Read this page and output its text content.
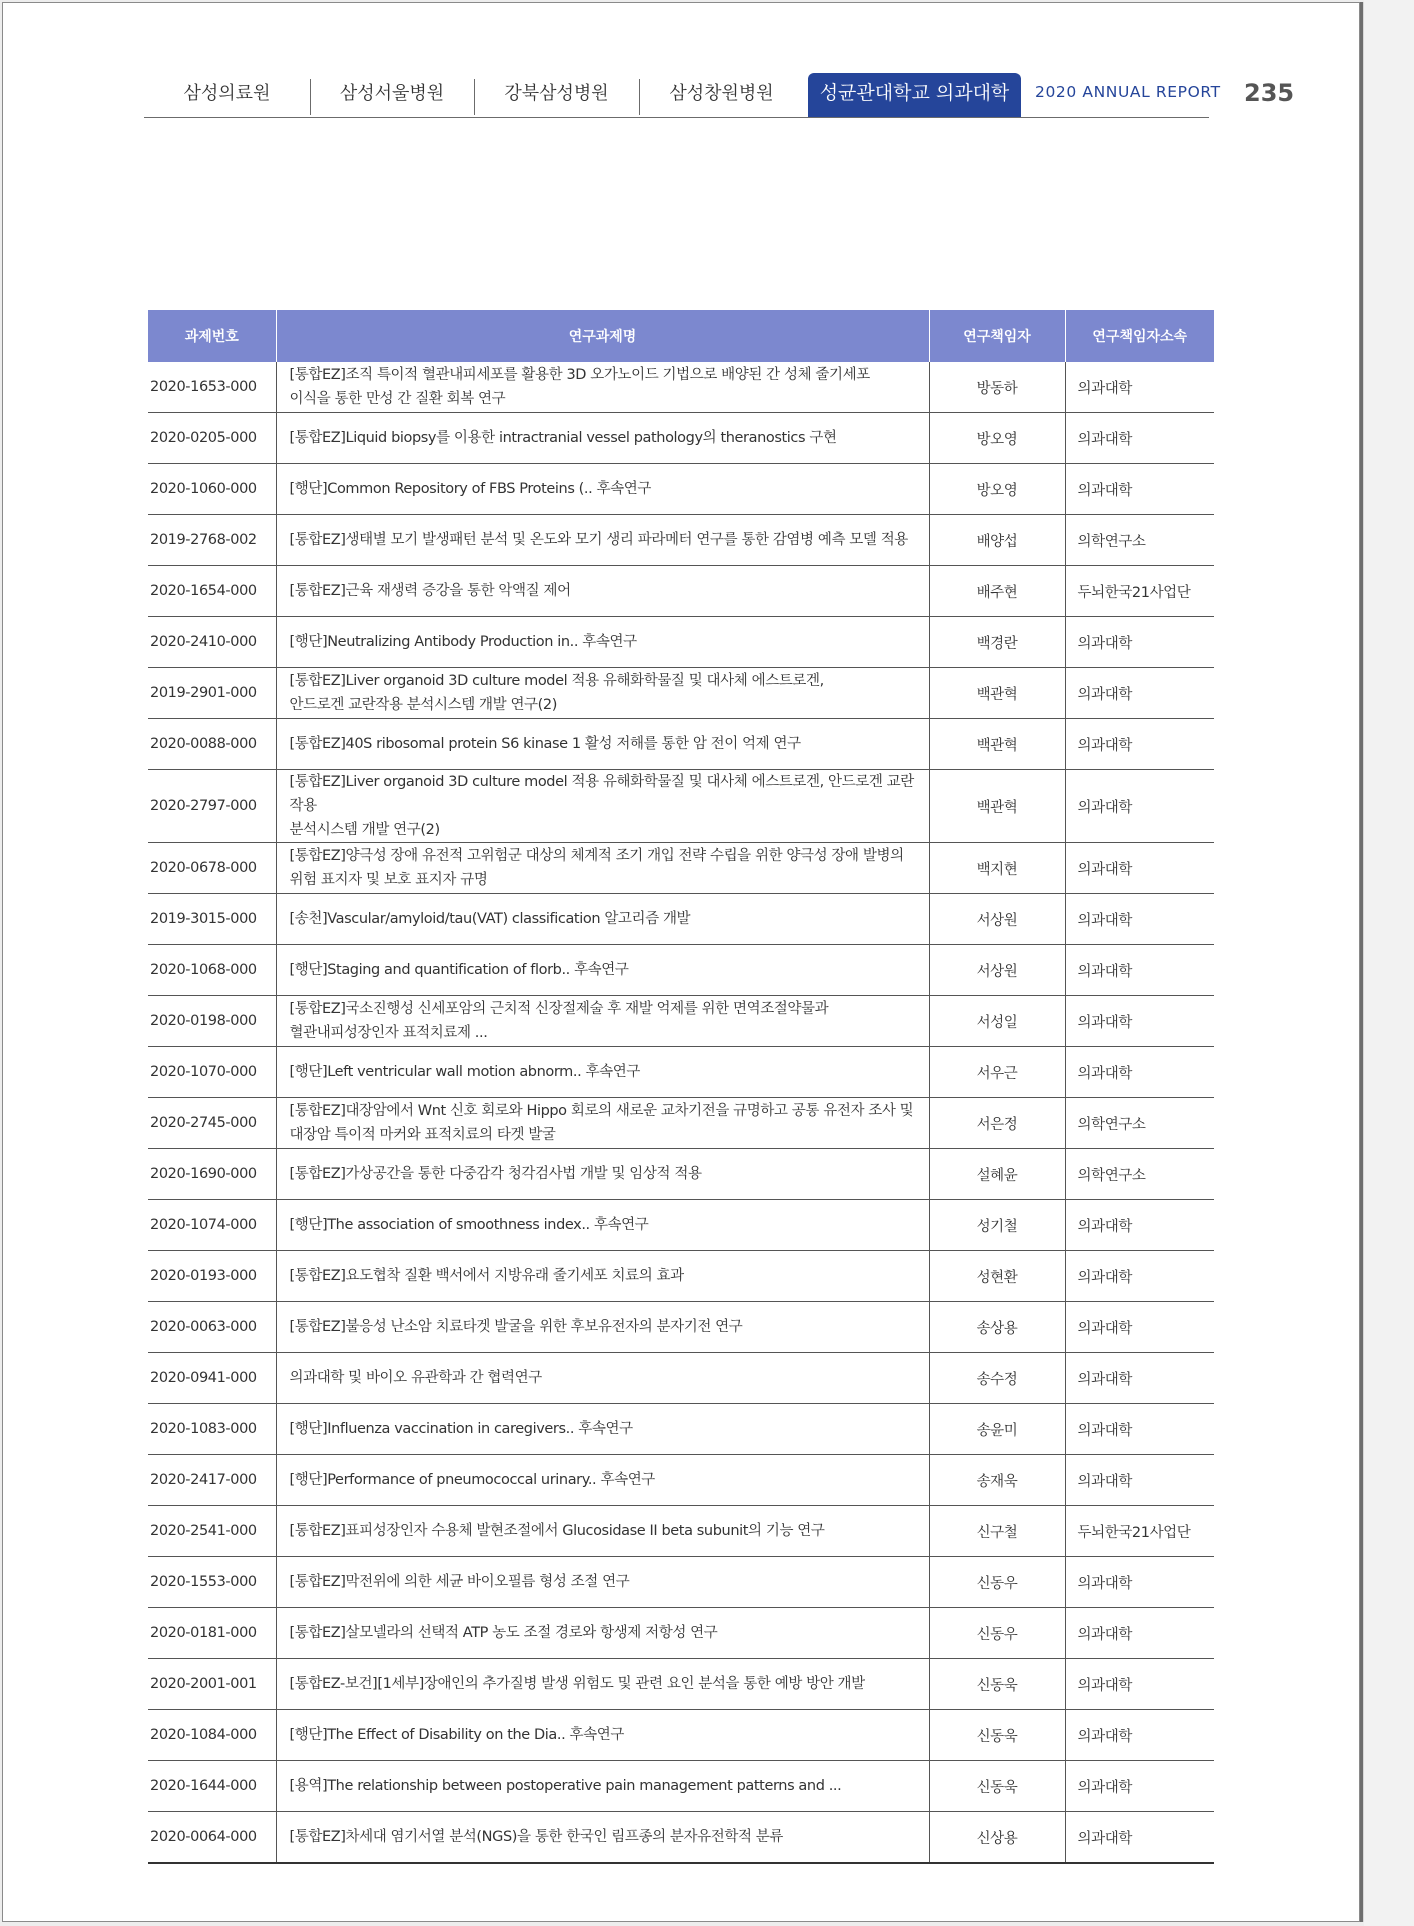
삼성의료원	삼성서울병원	강북삼성병원	삼성창원병원	성균관대학교 의과대학	2020 ANNUAL REPORT 235
과제번호	연구과제명	연구책임자	연구책임자소속
2020-1653-000	[통합EZ]조직 특이적 혈관내피세포를 활용한 3D 오가노이드 기법으로 배양된 간 성체 줄기세포
이식을 통한 만성 간 질환 회복 연구	방동하	의과대학
2020-0205-000	[통합EZ]Liquid biopsy를 이용한 intractranial vessel pathology의 theranostics 구현	방오영	의과대학
2020-1060-000	[행단]Common Repository of FBS Proteins (.. 후속연구	방오영	의과대학
2019-2768-002	[통합EZ]생태별 모기 발생패턴 분석 및 온도와 모기 생리 파라메터 연구를 통한 감염병 예측 모델 적용	배양섭	의학연구소
2020-1654-000	[통합EZ]근육 재생력 증강을 통한 악액질 제어	배주현	두뇌한국21사업단
2020-2410-000	[행단]Neutralizing Antibody Production in.. 후속연구	백경란	의과대학
2019-2901-000	[통합EZ]Liver organoid 3D culture model 적용 유해화학물질 및 대사체 에스트로겐,
안드로겐 교란작용 분석시스템 개발 연구(2)	백관혁	의과대학
2020-0088-000	[통합EZ]40S ribosomal protein S6 kinase 1 활성 저해를 통한 암 전이 억제 연구	백관혁	의과대학
2020-2797-000	[통합EZ]Liver organoid 3D culture model 적용 유해화학물질 및 대사체 에스트로겐, 안드로겐 교란작용
분석시스템 개발 연구(2)	백관혁	의과대학
2020-0678-000	[통합EZ]양극성 장애 유전적 고위험군 대상의 체계적 조기 개입 전략 수립을 위한 양극성 장애 발병의
위험 표지자 및 보호 표지자 규명	백지현	의과대학
2019-3015-000	[송천]Vascular/amyloid/tau(VAT) classification 알고리즘 개발	서상원	의과대학
2020-1068-000	[행단]Staging and quantification of florb.. 후속연구	서상원	의과대학
2020-0198-000	[통합EZ]국소진행성 신세포암의 근치적 신장절제술 후 재발 억제를 위한 면역조절약물과
혈관내피성장인자 표적치료제 ...	서성일	의과대학
2020-1070-000	[행단]Left ventricular wall motion abnorm.. 후속연구	서우근	의과대학
2020-2745-000	[통합EZ]대장암에서 Wnt 신호 회로와 Hippo 회로의 새로운 교차기전을 규명하고 공통 유전자 조사 및
대장암 특이적 마커와 표적치료의 타겟 발굴	서은정	의학연구소
2020-1690-000	[통합EZ]가상공간을 통한 다중감각 청각검사법 개발 및 임상적 적용	설혜윤	의학연구소
2020-1074-000	[행단]The association of smoothness index.. 후속연구	성기철	의과대학
2020-0193-000	[통합EZ]요도협착 질환 백서에서 지방유래 줄기세포 치료의 효과	성현환	의과대학
2020-0063-000	[통합EZ]불응성 난소암 치료타겟 발굴을 위한 후보유전자의 분자기전 연구	송상용	의과대학
2020-0941-000	의과대학 및 바이오 유관학과 간 협력연구	송수정	의과대학
2020-1083-000	[행단]Influenza vaccination in caregivers.. 후속연구	송윤미	의과대학
2020-2417-000	[행단]Performance of pneumococcal urinary.. 후속연구	송재욱	의과대학
2020-2541-000	[통합EZ]표피성장인자 수용체 발현조절에서 Glucosidase II beta subunit의 기능 연구	신구철	두뇌한국21사업단
2020-1553-000	[통합EZ]막전위에 의한 세균 바이오필름 형성 조절 연구	신동우	의과대학
2020-0181-000	[통합EZ]살모넬라의 선택적 ATP 농도 조절 경로와 항생제 저항성 연구	신동우	의과대학
2020-2001-001	[통합EZ-보건][1세부]장애인의 추가질병 발생 위험도 및 관련 요인 분석을 통한 예방 방안 개발	신동욱	의과대학
2020-1084-000	[행단]The Effect of Disability on the Dia.. 후속연구	신동욱	의과대학
2020-1644-000	[용역]The relationship between postoperative pain management patterns and ...	신동욱	의과대학
2020-0064-000	[통합EZ]차세대 염기서열 분석(NGS)을 통한 한국인 림프종의 분자유전학적 분류	신상용	의과대학
